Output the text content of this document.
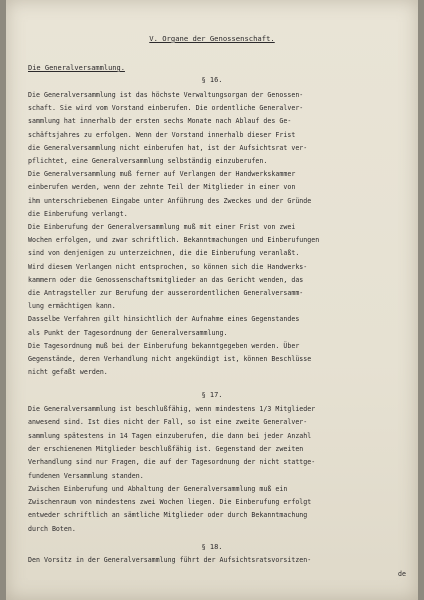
V. Organe der Genossenschaft.
Die Generalversammlung.
§ 16.
Die Generalversammlung ist das höchste Verwaltungsorgan der Genossen-
schaft. Sie wird vom Vorstand einberufen. Die ordentliche Generalver-
sammlung hat innerhalb der ersten sechs Monate nach Ablauf des Ge-
schäftsjahres zu erfolgen. Wenn der Vorstand innerhalb dieser Frist
die Generalversammlung nicht einberufen hat, ist der Aufsichtsrat ver-
pflichtet, eine Generalversammlung selbständig einzuberufen.
Die Generalversammlung muß ferner auf Verlangen der Handwerkskammer
einberufen werden, wenn der zehnte Teil der Mitglieder in einer von
ihm unterschriebenen Eingabe unter Anführung des Zweckes und der Gründe
die Einberufung verlangt.
Die Einberufung der Generalversammlung muß mit einer Frist von zwei
Wochen erfolgen, und zwar schriftlich. Bekanntmachungen und Einberufungen
sind von denjenigen zu unterzeichnen, die die Einberufung veranlaßt.
Wird diesem Verlangen nicht entsprochen, so können sich die Handwerks-
kammern oder die Genossenschaftsmitglieder an das Gericht wenden, das
die Antragsteller zur Berufung der ausserordentlichen Generalversamm-
lung ermächtigen kann.
Dasselbe Verfahren gilt hinsichtlich der Aufnahme eines Gegenstandes
als Punkt der Tagesordnung der Generalversammlung.
Die Tagesordnung muß bei der Einberufung bekanntgegeben werden. Über
Gegenstände, deren Verhandlung nicht angekündigt ist, können Beschlüsse
nicht gefaßt werden.
§ 17.
Die Generalversammlung ist beschlußfähig, wenn mindestens 1/3 Mitglieder
anwesend sind. Ist dies nicht der Fall, so ist eine zweite Generalver-
sammlung spätestens in 14 Tagen einzuberufen, die dann bei jeder Anzahl
der erschienenen Mitglieder beschlußfähig ist. Gegenstand der zweiten
Verhandlung sind nur Fragen, die auf der Tagesordnung der nicht stattge-
fundenen Versammlung standen.
Zwischen Einberufung und Abhaltung der Generalversammlung muß ein
Zwischenraum von mindestens zwei Wochen liegen. Die Einberufung erfolgt
entweder schriftlich an sämtliche Mitglieder oder durch Bekanntmachung
durch Boten.
§ 18.
Den Vorsitz in der Generalversammlung führt der Aufsichtsratsvorsitzen-
de
